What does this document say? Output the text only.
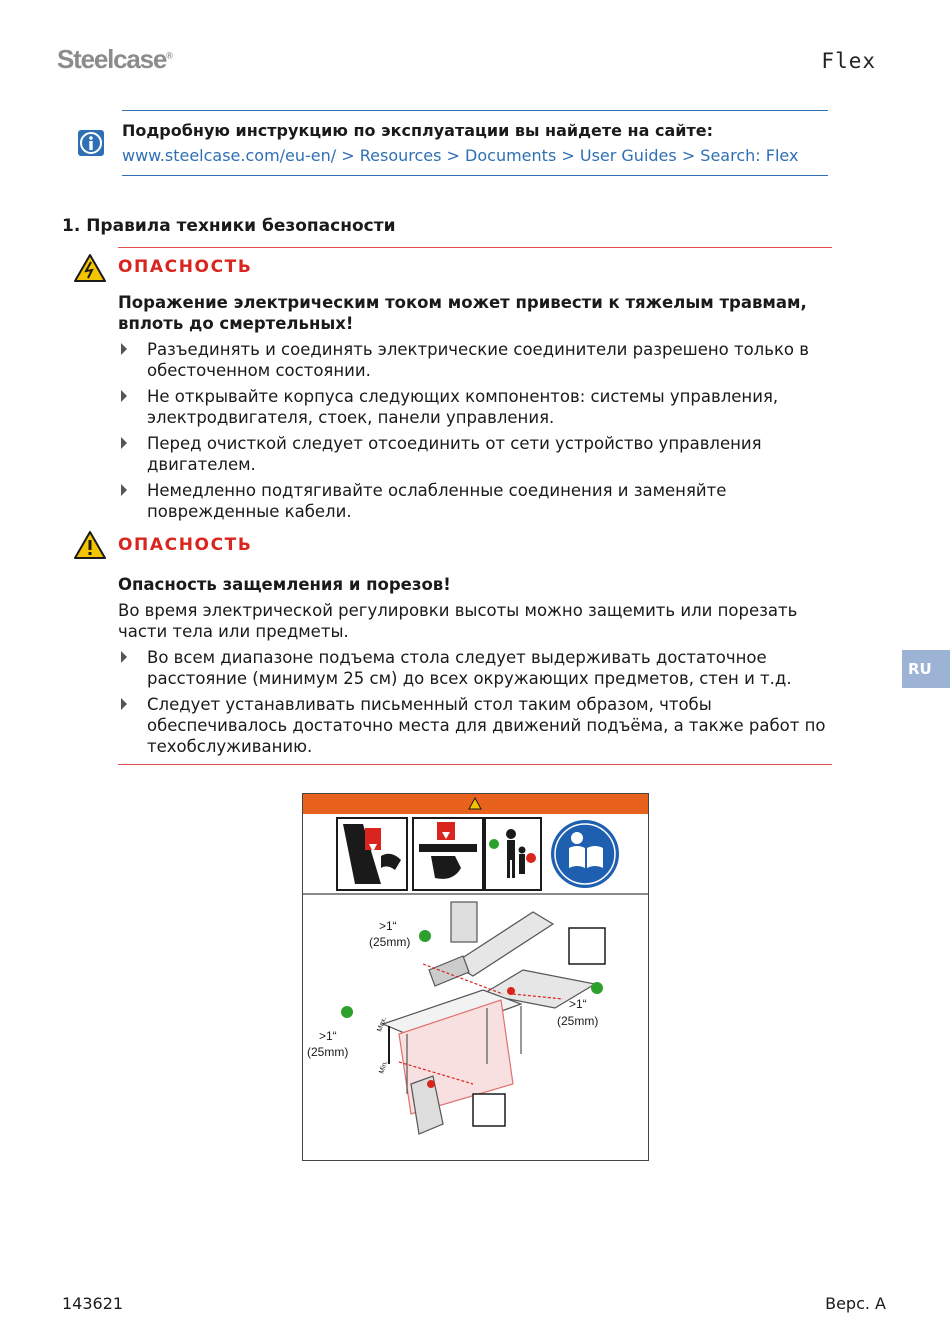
Steelcase®	Flex
Подробную инструкцию по эксплуатации вы найдете на сайте:
www.steelcase.com/eu-en/ > Resources > Documents > User Guides > Search: Flex
1. Правила техники безопасности
ОПАСНОСТЬ
Поражение электрическим током может привести к тяжелым травмам, вплоть до смертельных!
Разъединять и соединять электрические соединители разрешено только в обесточенном состоянии.
Не открывайте корпуса следующих компонентов: системы управления, электродвигателя, стоек, панели управления.
Перед очисткой следует отсоединить от сети устройство управления двигателем.
Немедленно подтягивайте ослабленные соединения и заменяйте поврежденные кабели.
ОПАСНОСТЬ
Опасность защемления и порезов!
Во время электрической регулировки высоты можно защемить или порезать части тела или предметы.
Во всем диапазоне подъема стола следует выдерживать достаточное расстояние (минимум 25 см) до всех окружающих предметов, стен и т.д.
Следует устанавливать письменный стол таким образом, чтобы обеспечивалось достаточно места для движений подъёма, а также работ по техобслуживанию.
RU
>1“
(25mm)
>1“
(25mm)
>1“
(25mm)
Max.
Min.
143621	Верс. A
